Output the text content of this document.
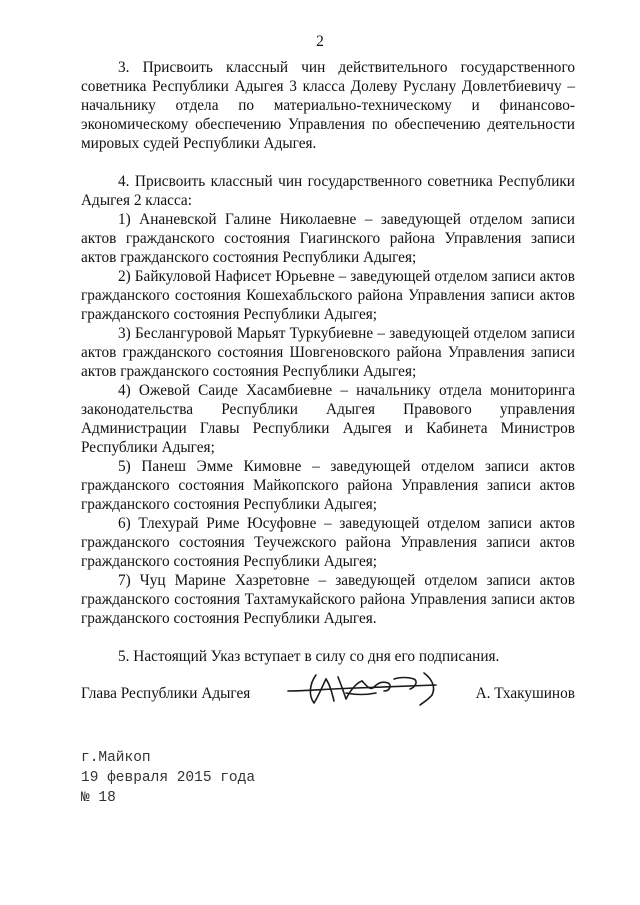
2

3. Присвоить классный чин действительного государственного советника Республики Адыгея 3 класса Долеву Руслану Довлетбиевичу – начальнику отдела по материально-техническому и финансово-экономическому обеспечению Управления по обеспечению деятельности мировых судей Республики Адыгея.

4. Присвоить классный чин государственного советника Республики Адыгея 2 класса:

1) Ананевской Галине Николаевне – заведующей отделом записи актов гражданского состояния Гиагинского района Управления записи актов гражданского состояния Республики Адыгея;

2) Байкуловой Нафисет Юрьевне – заведующей отделом записи актов гражданского состояния Кошехабльского района Управления записи актов гражданского состояния Республики Адыгея;

3) Беслангуровой Марьят Туркубиевне – заведующей отделом записи актов гражданского состояния Шовгеновского района Управления записи актов гражданского состояния Республики Адыгея;

4) Ожевой Саиде Хасамбиевне – начальнику отдела мониторинга законодательства Республики Адыгея Правового управления Администрации Главы Республики Адыгея и Кабинета Министров Республики Адыгея;

5) Панеш Эмме Кимовне – заведующей отделом записи актов гражданского состояния Майкопского района Управления записи актов гражданского состояния Республики Адыгея;

6) Тлехурай Риме Юсуфовне – заведующей отделом записи актов гражданского состояния Теучежского района Управления записи актов гражданского состояния Республики Адыгея;

7) Чуц Марине Хазретовне – заведующей отделом записи актов гражданского состояния Тахтамукайского района Управления записи актов гражданского состояния Республики Адыгея.

5. Настоящий Указ вступает в силу со дня его подписания.

Глава Республики Адыгея	А. Тхакушинов
г.Майкоп
19 февраля 2015 года
№ 18
